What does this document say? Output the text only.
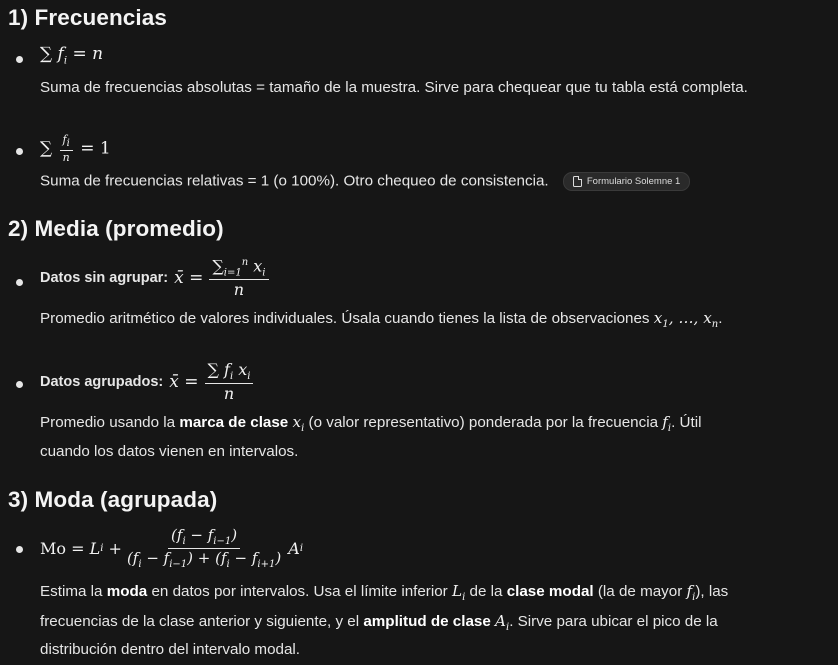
1) Frecuencias
∑ $f_i = n$
Suma de frecuencias absolutas = tamaño de la muestra. Sirve para chequear que tu tabla está completa.
∑ $\frac{f_i}{n} = 1$
Suma de frecuencias relativas = 1 (o 100%). Otro chequeo de consistencia.	Formulario Solemne 1
2) Media (promedio)
Datos sin agrupar: x̄ = $\frac{\sum_{i=1}^n x_i}{n}$
Promedio aritmético de valores individuales. Úsala cuando tienes la lista de observaciones $x_1$, …, $x_n$.
Datos agrupados: x̄ = $\frac{\sum f_i x_i}{n}$
Promedio usando la marca de clase $x_i$ (o valor representativo) ponderada por la frecuencia $f_i$. Útil
cuando los datos vienen en intervalos.
3) Moda (agrupada)
Mo
= L i
+ $\frac{(f_i - f_{i-1})}{(f_i - f_{i-1}) + (f_i - f_{i+1})}$ A i
Estima la moda en datos por intervalos. Usa el límite inferior $L_i$ de la clase modal (la de mayor $f_i$), las
frecuencias de la clase anterior y siguiente, y el amplitud de clase $A_i$. Sirve para ubicar el pico de la
distribución dentro del intervalo modal.
